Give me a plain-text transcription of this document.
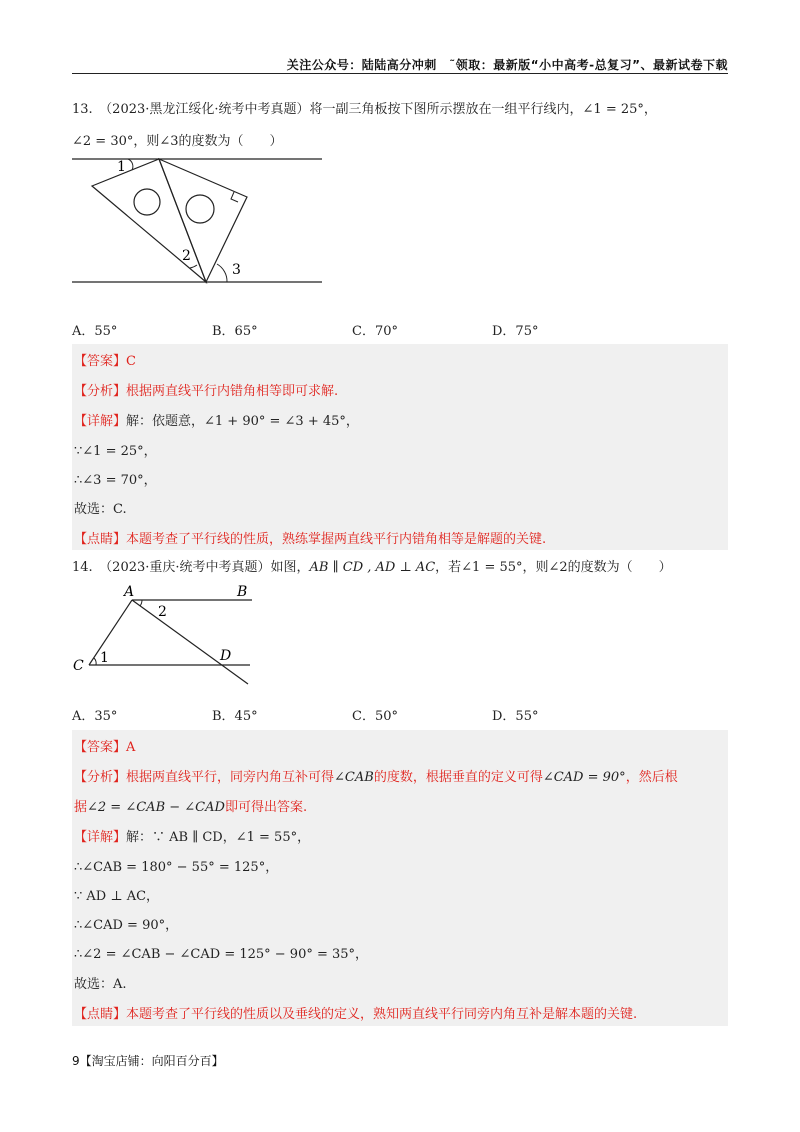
关注公众号：陆陆高分冲刺　˜领取：最新版“小中高考-总复习”、最新试卷下载
13.　（2023·黑龙江绥化·统考中考真题）将一副三角板按下图所示摆放在一组平行线内，∠1 = 25°，
∠2 = 30°，则∠3的度数为（　　）
1
2
3
A．55°	B．65°	C．70°	D．75°
【答案】C
【分析】根据两直线平行内错角相等即可求解.
【详解】解：依题意，∠1 + 90° = ∠3 + 45°，
∵∠1 = 25°，
∴∠3 = 70°，
故选：C.
【点睛】本题考查了平行线的性质，熟练掌握两直线平行内错角相等是解题的关键.
14.　（2023·重庆·统考中考真题）如图，AB ∥ CD , AD ⊥ AC，若∠1 = 55°，则∠2的度数为（　　）
A	B
C
D
1
2
A．35°	B．45°	C．50°	D．55°
【答案】A
【分析】根据两直线平行，同旁内角互补可得∠CAB的度数，根据垂直的定义可得∠CAD = 90°，然后根
据∠2 = ∠CAB − ∠CAD即可得出答案.
【详解】解：∵ AB ∥ CD，∠1 = 55°，
∴∠CAB = 180° − 55° = 125°，
∵ AD ⊥ AC，
∴∠CAD = 90°，
∴∠2 = ∠CAB − ∠CAD = 125° − 90° = 35°，
故选：A.
【点睛】本题考查了平行线的性质以及垂线的定义，熟知两直线平行同旁内角互补是解本题的关键.
9【淘宝店铺：向阳百分百】
